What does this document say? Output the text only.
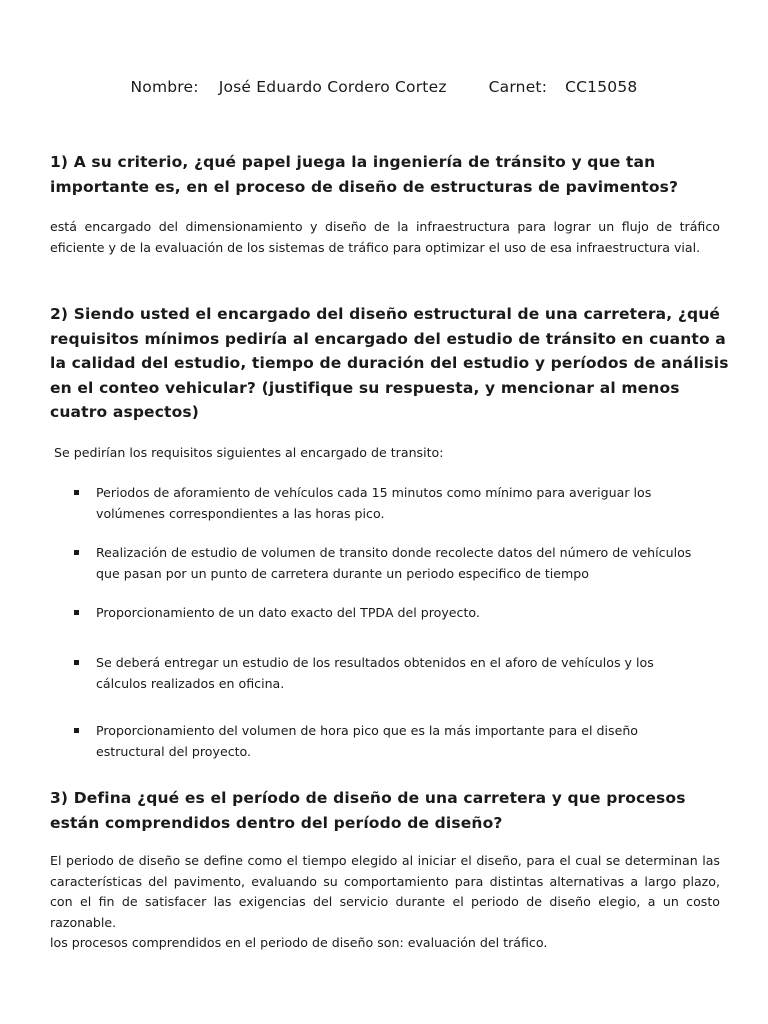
Nombre: José Eduardo Cordero Cortez	Carnet: CC15058
1) A su criterio, ¿qué papel juega la ingeniería de tránsito y que tan importante es, en el proceso de diseño de estructuras de pavimentos?
está encargado del dimensionamiento y diseño de la infraestructura para lograr un flujo de tráfico eficiente y de la evaluación de los sistemas de tráfico para optimizar el uso de esa infraestructura vial.
2) Siendo usted el encargado del diseño estructural de una carretera, ¿qué requisitos mínimos pediría al encargado del estudio de tránsito en cuanto a la calidad del estudio, tiempo de duración del estudio y períodos de análisis en el conteo vehicular? (justifique su respuesta, y mencionar al menos cuatro aspectos)
Se pedirían los requisitos siguientes al encargado de transito:
Periodos de aforamiento de vehículos cada 15 minutos como mínimo para averiguar los volúmenes correspondientes a las horas pico.
Realización de estudio de volumen de transito donde recolecte datos del número de vehículos que pasan por un punto de carretera durante un periodo especifico de tiempo
Proporcionamiento de un dato exacto del TPDA del proyecto.
Se deberá entregar un estudio de los resultados obtenidos en el aforo de vehículos y los cálculos realizados en oficina.
Proporcionamiento del volumen de hora pico que es la más importante para el diseño estructural del proyecto.
3) Defina ¿qué es el período de diseño de una carretera y que procesos están comprendidos dentro del período de diseño?
El periodo de diseño se define como el tiempo elegido al iniciar el diseño, para el cual se determinan las características del pavimento, evaluando su comportamiento para distintas alternativas a largo plazo, con el fin de satisfacer las exigencias del servicio durante el periodo de diseño elegio, a un costo razonable.
los procesos comprendidos en el periodo de diseño son: evaluación del tráfico.
